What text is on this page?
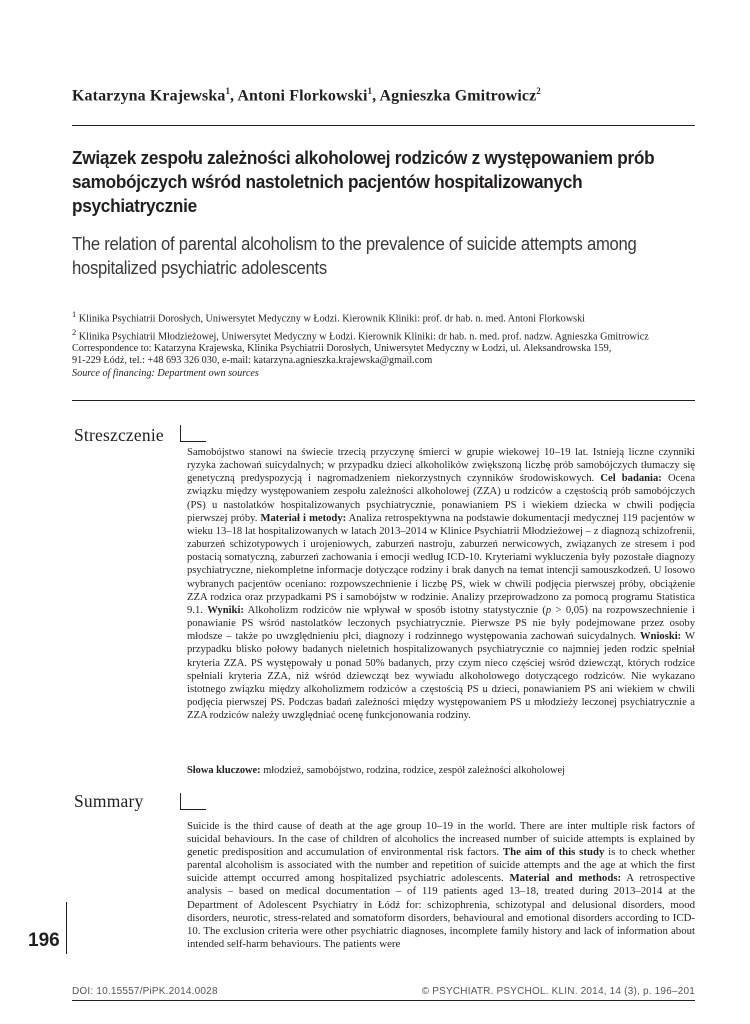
Katarzyna Krajewska$^1$, Antoni Florkowski$^1$, Agnieszka Gmitrowicz$^2$
Związek zespołu zależności alkoholowej rodziców z występowaniem prób samobójczych wśród nastoletnich pacjentów hospitalizowanych psychiatrycznie
The relation of parental alcoholism to the prevalence of suicide attempts among hospitalized psychiatric adolescents
$^1$ Klinika Psychiatrii Dorosłych, Uniwersytet Medyczny w Łodzi. Kierownik Kliniki: prof. dr hab. n. med. Antoni Florkowski
$^2$ Klinika Psychiatrii Młodzieżowej, Uniwersytet Medyczny w Łodzi. Kierownik Kliniki: dr hab. n. med. prof. nadzw. Agnieszka Gmitrowicz
Correspondence to: Katarzyna Krajewska, Klinika Psychiatrii Dorosłych, Uniwersytet Medyczny w Łodzi, ul. Aleksandrowska 159,
91-229 Łódź, tel.: +48 693 326 030, e-mail: katarzyna.agnieszka.krajewska@gmail.com
Source of financing: Department own sources
Streszczenie
Samobójstwo stanowi na świecie trzecią przyczynę śmierci w grupie wiekowej 10–19 lat. Istnieją liczne czynniki ryzyka zachowań suicydalnych; w przypadku dzieci alkoholików zwiększoną liczbę prób samobójczych tłumaczy się genetyczną predyspozycją i nagromadzeniem niekorzystnych czynników środowiskowych. Cel badania: Ocena związku między występowaniem zespołu zależności alkoholowej (ZZA) u rodziców a częstością prób samobójczych (PS) u nastolatków hospitalizowanych psychiatrycznie, ponawianiem PS i wiekiem dziecka w chwili podjęcia pierwszej próby. Materiał i metody: Analiza retrospektywna na podstawie dokumentacji medycznej 119 pacjentów w wieku 13–18 lat hospitalizowanych w latach 2013–2014 w Klinice Psychiatrii Młodzieżowej – z diagnozą schizofrenii, zaburzeń schizotypowych i urojeniowych, zaburzeń nastroju, zaburzeń nerwicowych, związanych ze stresem i pod postacią somatyczną, zaburzeń zachowania i emocji według ICD-10. Kryteriami wykluczenia były pozostałe diagnozy psychiatryczne, niekompletne informacje dotyczące rodziny i brak danych na temat intencji samouszkodzeń. U losowo wybranych pacjentów oceniano: rozpowszechnienie i liczbę PS, wiek w chwili podjęcia pierwszej próby, obciążenie ZZA rodzica oraz przypadkami PS i samobójstw w rodzinie. Analizy przeprowadzono za pomocą programu Statistica 9.1. Wyniki: Alkoholizm rodziców nie wpływał w sposób istotny statystycznie (p > 0,05) na rozpowszechnienie i ponawianie PS wśród nastolatków leczonych psychiatrycznie. Pierwsze PS nie były podejmowane przez osoby młodsze – także po uwzględnieniu płci, diagnozy i rodzinnego występowania zachowań suicydalnych. Wnioski: W przypadku blisko połowy badanych nieletnich hospitalizowanych psychiatrycznie co najmniej jeden rodzic spełniał kryteria ZZA. PS występowały u ponad 50% badanych, przy czym nieco częściej wśród dziewcząt, których rodzice spełniali kryteria ZZA, niż wśród dziewcząt bez wywiadu alkoholowego dotyczącego rodziców. Nie wykazano istotnego związku między alkoholizmem rodziców a częstością PS u dzieci, ponawianiem PS ani wiekiem w chwili podjęcia pierwszej PS. Podczas badań zależności między występowaniem PS u młodzieży leczonej psychiatrycznie a ZZA rodziców należy uwzględniać ocenę funkcjonowania rodziny.
Słowa kluczowe: młodzież, samobójstwo, rodzina, rodzice, zespół zależności alkoholowej
Summary
Suicide is the third cause of death at the age group 10–19 in the world. There are inter multiple risk factors of suicidal behaviours. In the case of children of alcoholics the increased number of suicide attempts is explained by genetic predisposition and accumulation of environmental risk factors. The aim of this study is to check whether parental alcoholism is associated with the number and repetition of suicide attempts and the age at which the first suicide attempt occurred among hospitalized psychiatric adolescents. Material and methods: A retrospective analysis – based on medical documentation – of 119 patients aged 13–18, treated during 2013–2014 at the Department of Adolescent Psychiatry in Łódź for: schizophrenia, schizotypal and delusional disorders, mood disorders, neurotic, stress-related and somatoform disorders, behavioural and emotional disorders according to ICD-10. The exclusion criteria were other psychiatric diagnoses, incomplete family history and lack of information about intended self-harm behaviours. The patients were
196
DOI: 10.15557/PiPK.2014.0028	© PSYCHIATR. PSYCHOL. KLIN. 2014, 14 (3), p. 196–201
